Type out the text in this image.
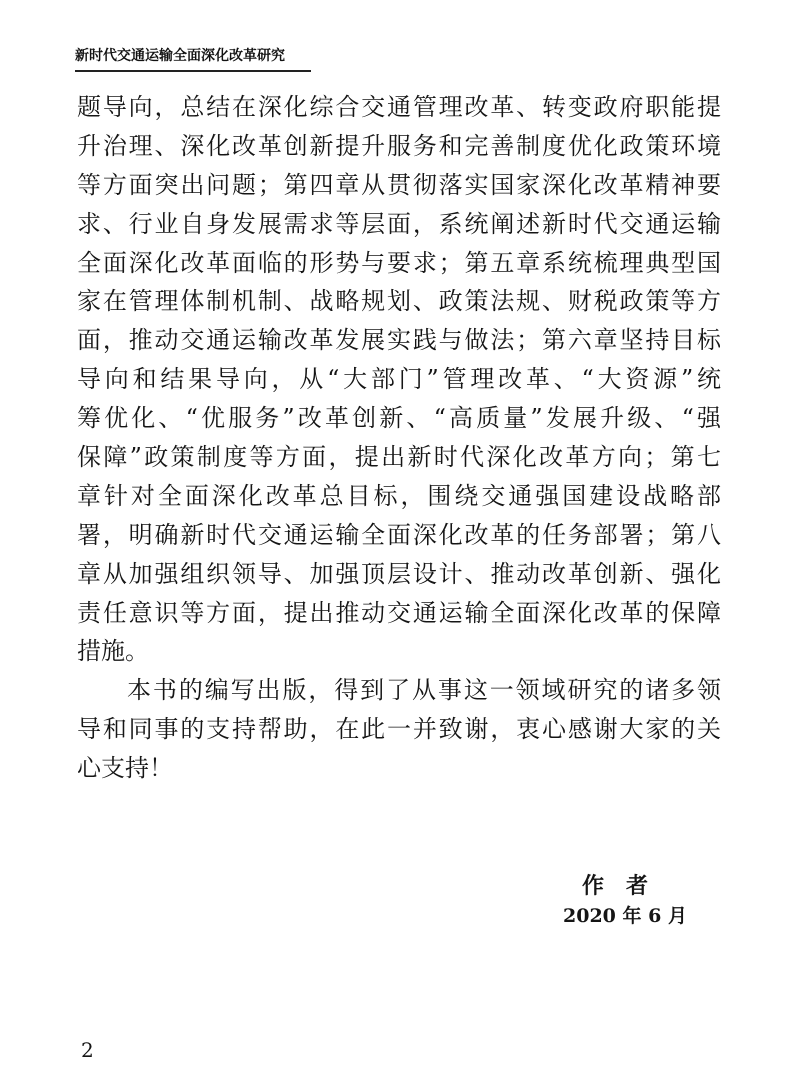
新时代交通运输全面深化改革研究
题导向，总结在深化综合交通管理改革、转变政府职能提
升治理、深化改革创新提升服务和完善制度优化政策环境
等方面突出问题；第四章从贯彻落实国家深化改革精神要
求、行业自身发展需求等层面，系统阐述新时代交通运输
全面深化改革面临的形势与要求；第五章系统梳理典型国
家在管理体制机制、战略规划、政策法规、财税政策等方
面，推动交通运输改革发展实践与做法；第六章坚持目标
导向和结果导向，从“大部门”管理改革、“大资源”统
筹优化、“优服务”改革创新、“高质量”发展升级、“强
保障”政策制度等方面，提出新时代深化改革方向；第七
章针对全面深化改革总目标，围绕交通强国建设战略部
署，明确新时代交通运输全面深化改革的任务部署；第八
章从加强组织领导、加强顶层设计、推动改革创新、强化
责任意识等方面，提出推动交通运输全面深化改革的保障
措施。
本书的编写出版，得到了从事这一领域研究的诸多领
导和同事的支持帮助，在此一并致谢，衷心感谢大家的关
心支持！
作　者
2020 年 6 月
2
